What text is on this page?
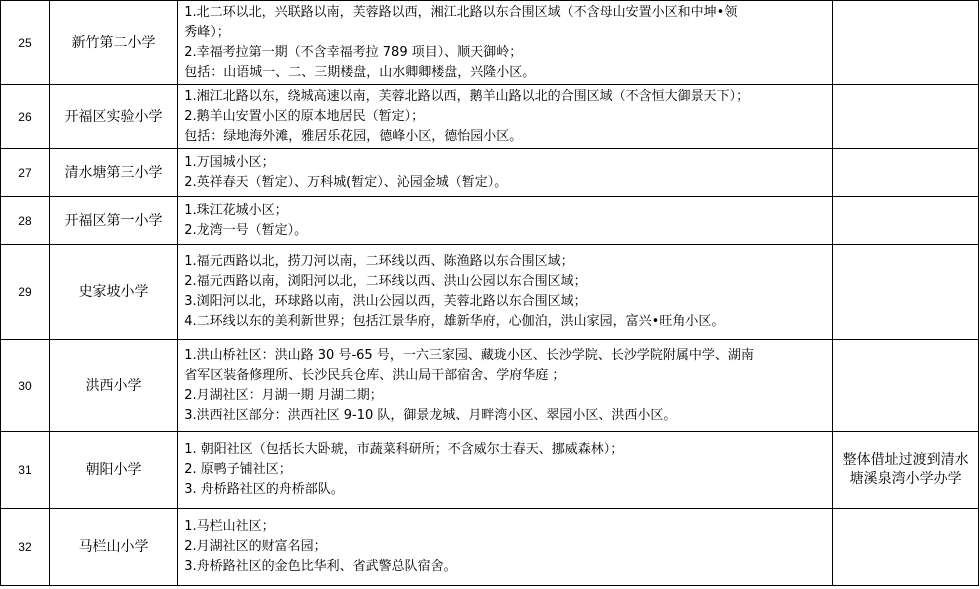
25	新竹第二小学	1.北二环以北，兴联路以南，芙蓉路以西，湘江北路以东合围区域（不含母山安置小区和中坤•领
秀峰）；
2.幸福考拉第一期（不含幸福考拉 789 项目）、顺天御岭；
包括：山语城一、二、三期楼盘，山水卿卿楼盘，兴隆小区。	

26	开福区实验小学	1.湘江北路以东，绕城高速以南，芙蓉北路以西，鹅羊山路以北的合围区域（不含恒大御景天下）；
2.鹅羊山安置小区的原本地居民（暂定）；
包括：绿地海外滩，雅居乐花园，德峰小区，德怡园小区。	

27	清水塘第三小学	1.万国城小区；
2.英祥春天（暂定）、万科城(暂定）、沁园金城（暂定）。	

28	开福区第一小学	1.珠江花城小区；
2.龙湾一号（暂定）。	

29	史家坡小学	1.福元西路以北，捞刀河以南，二环线以西、陈渔路以东合围区域；
2.福元西路以南，浏阳河以北，二环线以西、洪山公园以东合围区域；
3.浏阳河以北，环球路以南，洪山公园以西，芙蓉北路以东合围区域；
4.二环线以东的美利新世界；包括江景华府，雄新华府，心伽泊，洪山家园，富兴•旺角小区。	

30	洪西小学	1.洪山桥社区：洪山路 30 号-65 号，一六三家园、藏珑小区、长沙学院、长沙学院附属中学、湖南
省军区装备修理所、长沙民兵仓库、洪山局干部宿舍、学府华庭 ；
2.月湖社区：月湖一期 月湖二期；
3.洪西社区部分：洪西社区 9-10 队，御景龙城、月畔湾小区、翠园小区、洪西小区。	

31	朝阳小学	1. 朝阳社区（包括长大卧琥，市蔬菜科研所；不含威尔士春天、挪威森林）；
2. 原鸭子铺社区；
3. 舟桥路社区的舟桥部队。	整体借址过渡到清水塘溪泉湾小学办学
32	马栏山小学	1.马栏山社区；
2.月湖社区的财富名园；
3.舟桥路社区的金色比华利、省武警总队宿舍。	
